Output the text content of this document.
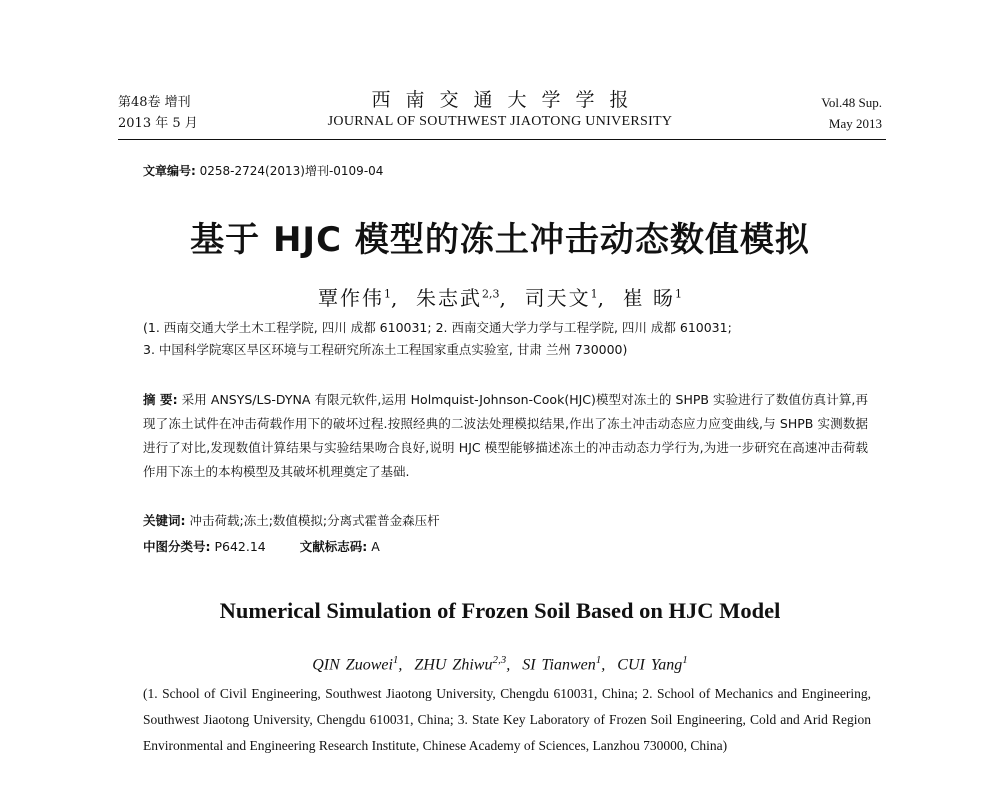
第48卷 增刊
2013 年 5 月
西南交通大学学报
JOURNAL OF SOUTHWEST JIAOTONG UNIVERSITY
Vol.48 Sup.
May 2013
文章编号: 0258-2724(2013)增刊-0109-04
基于 HJC 模型的冻土冲击动态数值模拟
覃作伟$^1$,  朱志武$^{2,3}$,  司天文$^1$,  崔 旸$^1$
(1. 西南交通大学土木工程学院, 四川 成都 610031; 2. 西南交通大学力学与工程学院, 四川 成都 610031;
3. 中国科学院寒区旱区环境与工程研究所冻土工程国家重点实验室, 甘肃 兰州 730000)
摘 要: 采用 ANSYS/LS-DYNA 有限元软件,运用 Holmquist-Johnson-Cook(HJC)模型对冻土的 SHPB 实验进行了数值仿真计算,再现了冻土试件在冲击荷载作用下的破坏过程.按照经典的二波法处理模拟结果,作出了冻土冲击动态应力应变曲线,与 SHPB 实测数据进行了对比,发现数值计算结果与实验结果吻合良好,说明 HJC 模型能够描述冻土的冲击动态力学行为,为进一步研究在高速冲击荷载作用下冻土的本构模型及其破坏机理奠定了基础.
关键词: 冲击荷载;冻土;数值模拟;分离式霍普金森压杆
中图分类号: P642.14	文献标志码: A
Numerical Simulation of Frozen Soil Based on HJC Model
QIN Zuowei$^1$,  ZHU Zhiwu$^{2,3}$,  SI Tianwen$^1$,  CUI Yang$^1$
(1. School of Civil Engineering, Southwest Jiaotong University, Chengdu 610031, China; 2. School of Mechanics and Engineering, Southwest Jiaotong University, Chengdu 610031, China; 3. State Key Laboratory of Frozen Soil Engineering, Cold and Arid Region Environmental and Engineering Research Institute, Chinese Academy of Sciences, Lanzhou 730000, China)
